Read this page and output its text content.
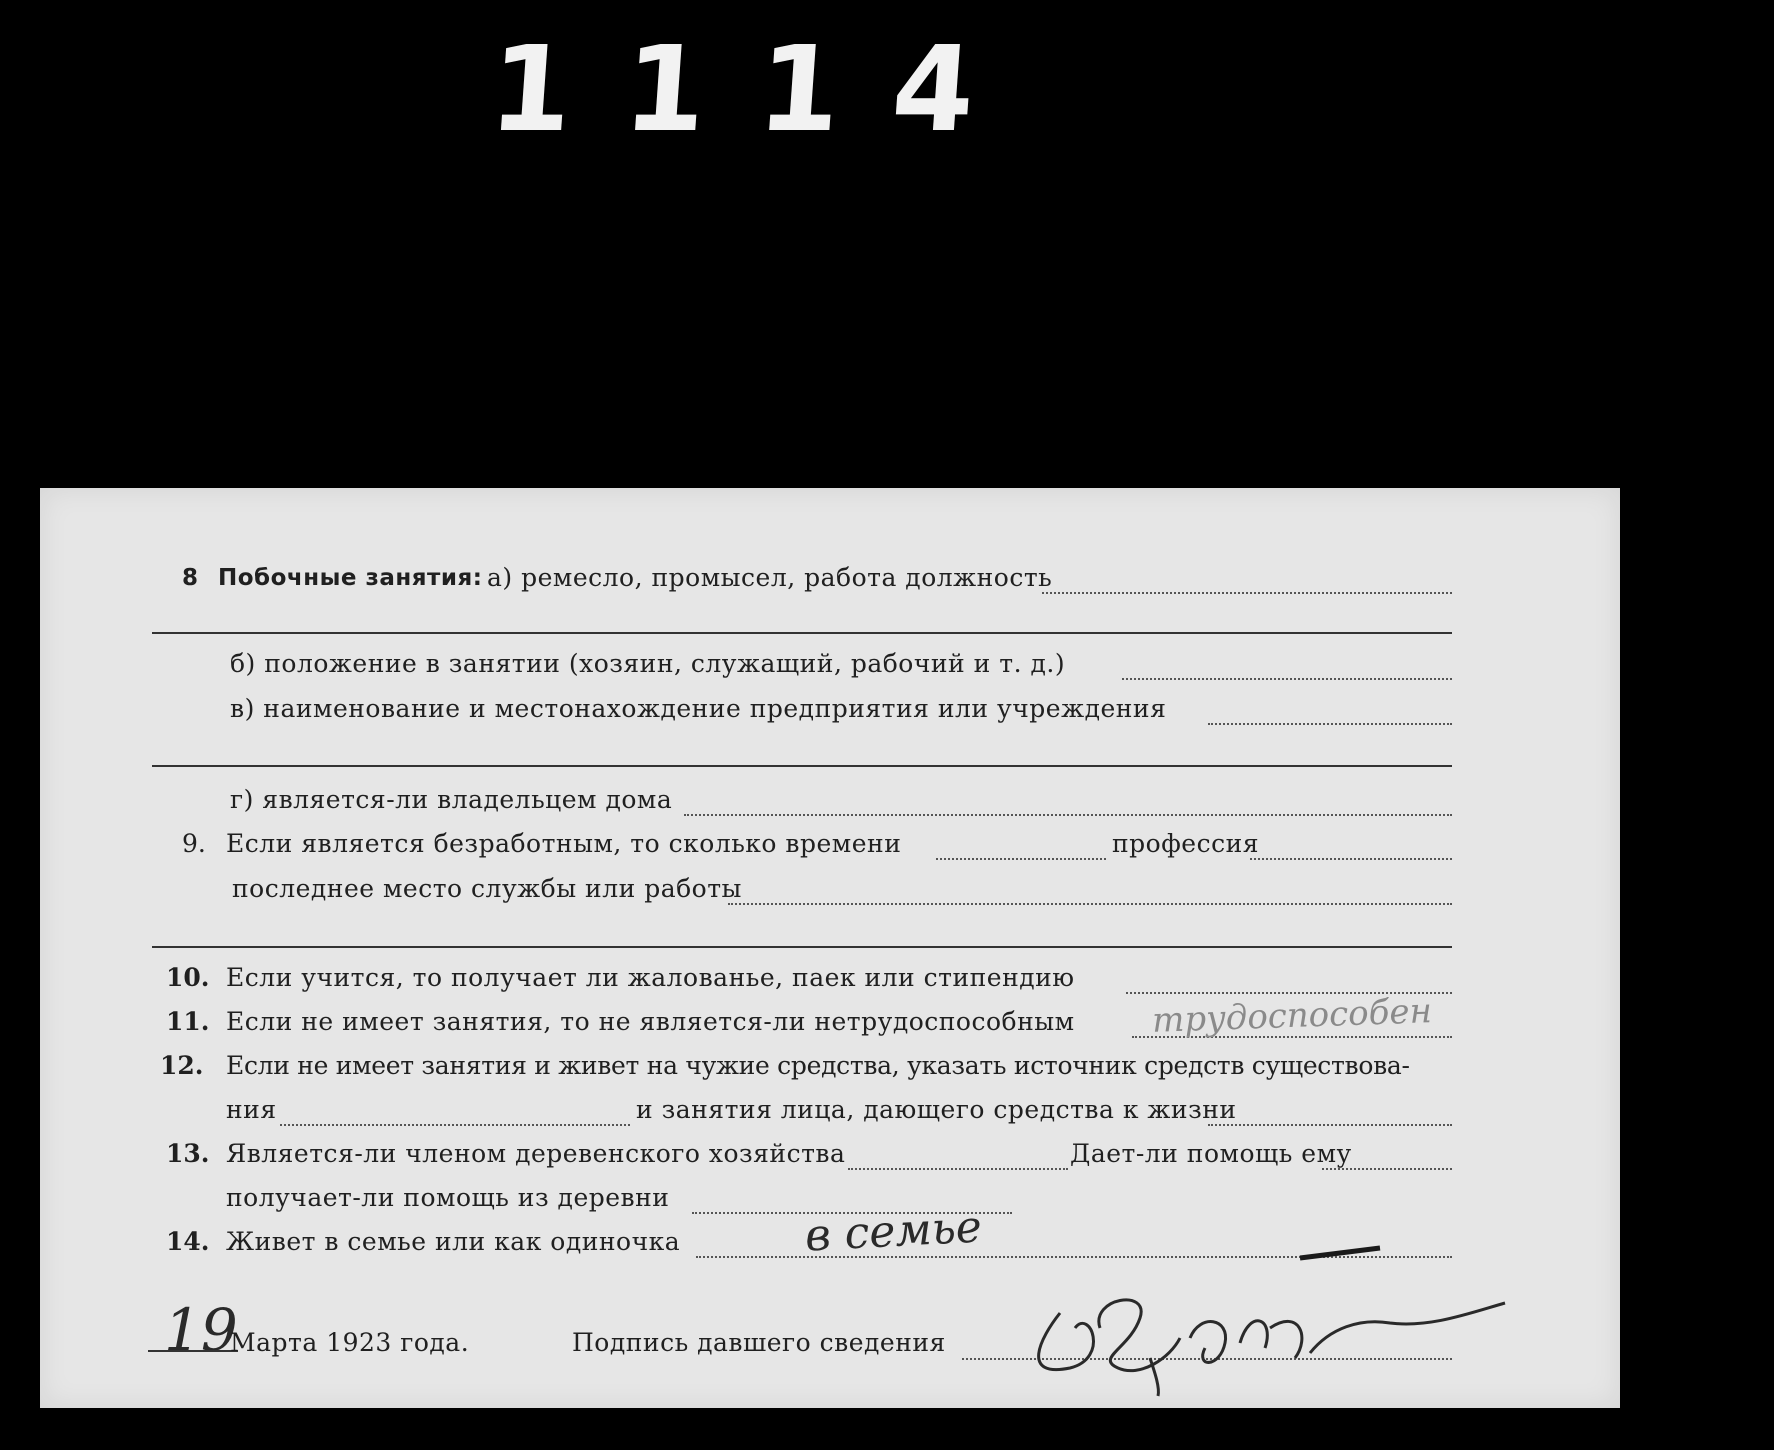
1114
8 Побочные занятия: а) ремесло, промысел, работа должность
б) положение в занятии (хозяин, служащий, рабочий и т. д.)
в) наименование и местонахождение предприятия или учреждения
г) является-ли владельцем дома
9. Если является безработным, то сколько времени	профессия
последнее место службы или работы
10. Если учится, то получает ли жалованье, паек или стипендию
11. Если не имеет занятия, то не является-ли нетрудоспособным трудоспособен
12. Если не имеет занятия и живет на чужие средства, указать источник средств существова-
ния	и занятия лица, дающего средства к жизни
13. Является-ли членом деревенского хозяйства	Дает-ли помощь ему
получает-ли помощь из деревни
14. Живет в семье или как одиночка	в семье
19
Марта 1923 года.	Подпись давшего сведения
